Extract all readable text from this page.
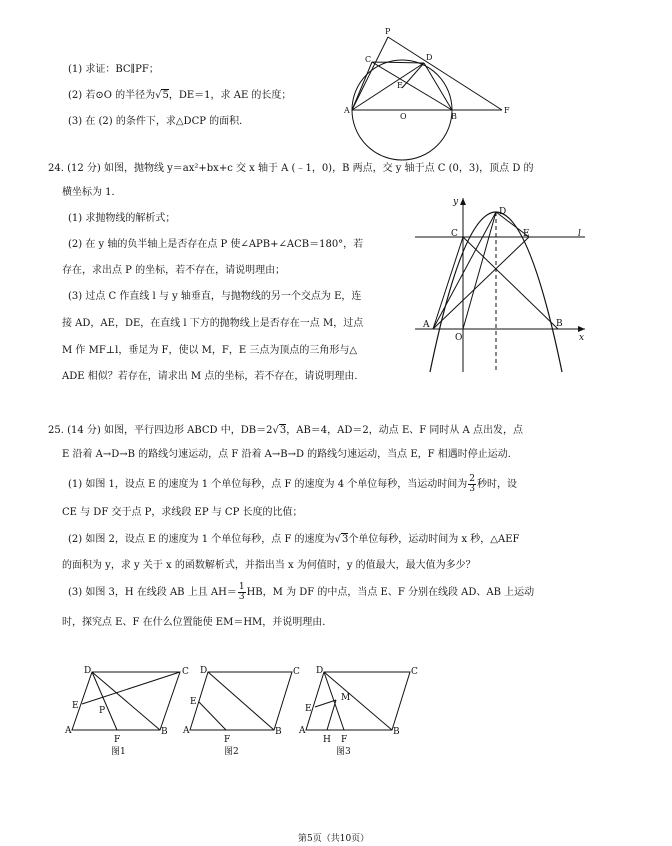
(1) 求证：BC∥PF；
(2) 若⊙O 的半径为√5，DE＝1，求 AE 的长度；
(3) 在 (2) 的条件下，求△DCP 的面积．
P
C	D
E
A
O	B
F
24. (12 分) 如图，抛物线 y＝ax²+bx+c 交 x 轴于 A (﹣1，0)，B 两点，交 y 轴于点 C (0，3)，顶点 D 的
横坐标为 1．
(1) 求抛物线的解析式；
(2) 在 y 轴的负半轴上是否存在点 P 使∠APB+∠ACB＝180°，若
存在，求出点 P 的坐标，若不存在，请说明理由；
(3) 过点 C 作直线 l 与 y 轴垂直，与抛物线的另一个交点为 E，连
接 AD，AE，DE，在直线 l 下方的抛物线上是否存在一点 M，过点
M 作 MF⊥l，垂足为 F，使以 M，F，E 三点为顶点的三角形与△
ADE 相似？若存在，请求出 M 点的坐标，若不存在，请说明理由．
y
D
C	E	l
A
O
B
x
25. (14 分) 如图，平行四边形 ABCD 中，DB＝2√3，AB＝4，AD＝2，动点 E、F 同时从 A 点出发，点
E 沿着 A→D→B 的路线匀速运动，点 F 沿着 A→B→D 的路线匀速运动，当点 E，F 相遇时停止运动．
(1) 如图 1，设点 E 的速度为 1 个单位每秒，点 F 的速度为 4 个单位每秒，当运动时间为 $\frac{2}{3}$ 秒时，设
CE 与 DF 交于点 P，求线段 EP 与 CP 长度的比值；
(2) 如图 2，设点 E 的速度为 1 个单位每秒，点 F 的速度为√3个单位每秒，运动时间为 x 秒，△AEF
的面积为 y，求 y 关于 x 的函数解析式，并指出当 x 为何值时，y 的值最大，最大值为多少？
(3) 如图 3，H 在线段 AB 上且 $AH= \frac{1}{3}$ HB，M 为 DF 的中点，当点 E、F 分别在线段 AD、AB 上运动
时，探究点 E、F 在什么位置能使 EM＝HM，并说明理由．
D	C
E P
A
F
B
图1
D	C
E
A
F
B
图2
D	C
M
E
A
H F
B
图3
第5页（共10页）
